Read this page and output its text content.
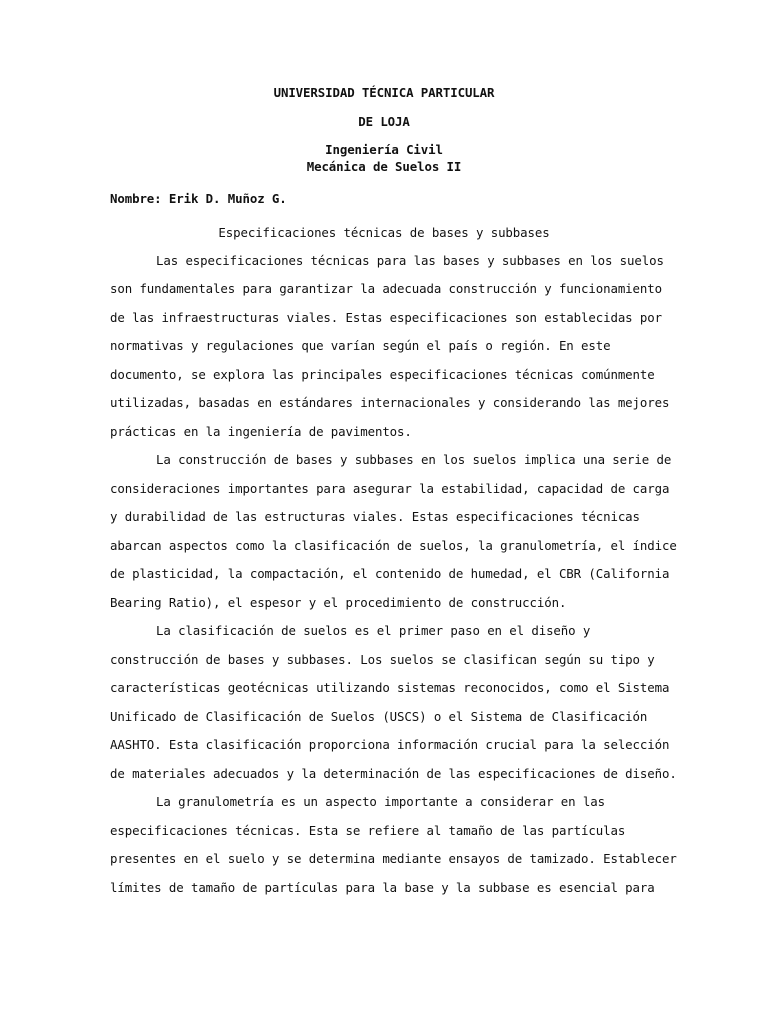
UNIVERSIDAD TÉCNICA PARTICULAR
DE LOJA
Ingeniería Civil
Mecánica de Suelos II
Nombre: Erik D. Muñoz G.
Especificaciones técnicas de bases y subbases
Las especificaciones técnicas para las bases y subbases en los suelos
son fundamentales para garantizar la adecuada construcción y funcionamiento
de las infraestructuras viales. Estas especificaciones son establecidas por
normativas y regulaciones que varían según el país o región. En este
documento, se explora las principales especificaciones técnicas comúnmente
utilizadas, basadas en estándares internacionales y considerando las mejores
prácticas en la ingeniería de pavimentos.
La construcción de bases y subbases en los suelos implica una serie de
consideraciones importantes para asegurar la estabilidad, capacidad de carga
y durabilidad de las estructuras viales. Estas especificaciones técnicas
abarcan aspectos como la clasificación de suelos, la granulometría, el índice
de plasticidad, la compactación, el contenido de humedad, el CBR (California
Bearing Ratio), el espesor y el procedimiento de construcción.
La clasificación de suelos es el primer paso en el diseño y
construcción de bases y subbases. Los suelos se clasifican según su tipo y
características geotécnicas utilizando sistemas reconocidos, como el Sistema
Unificado de Clasificación de Suelos (USCS) o el Sistema de Clasificación
AASHTO. Esta clasificación proporciona información crucial para la selección
de materiales adecuados y la determinación de las especificaciones de diseño.
La granulometría es un aspecto importante a considerar en las
especificaciones técnicas. Esta se refiere al tamaño de las partículas
presentes en el suelo y se determina mediante ensayos de tamizado. Establecer
límites de tamaño de partículas para la base y la subbase es esencial para
